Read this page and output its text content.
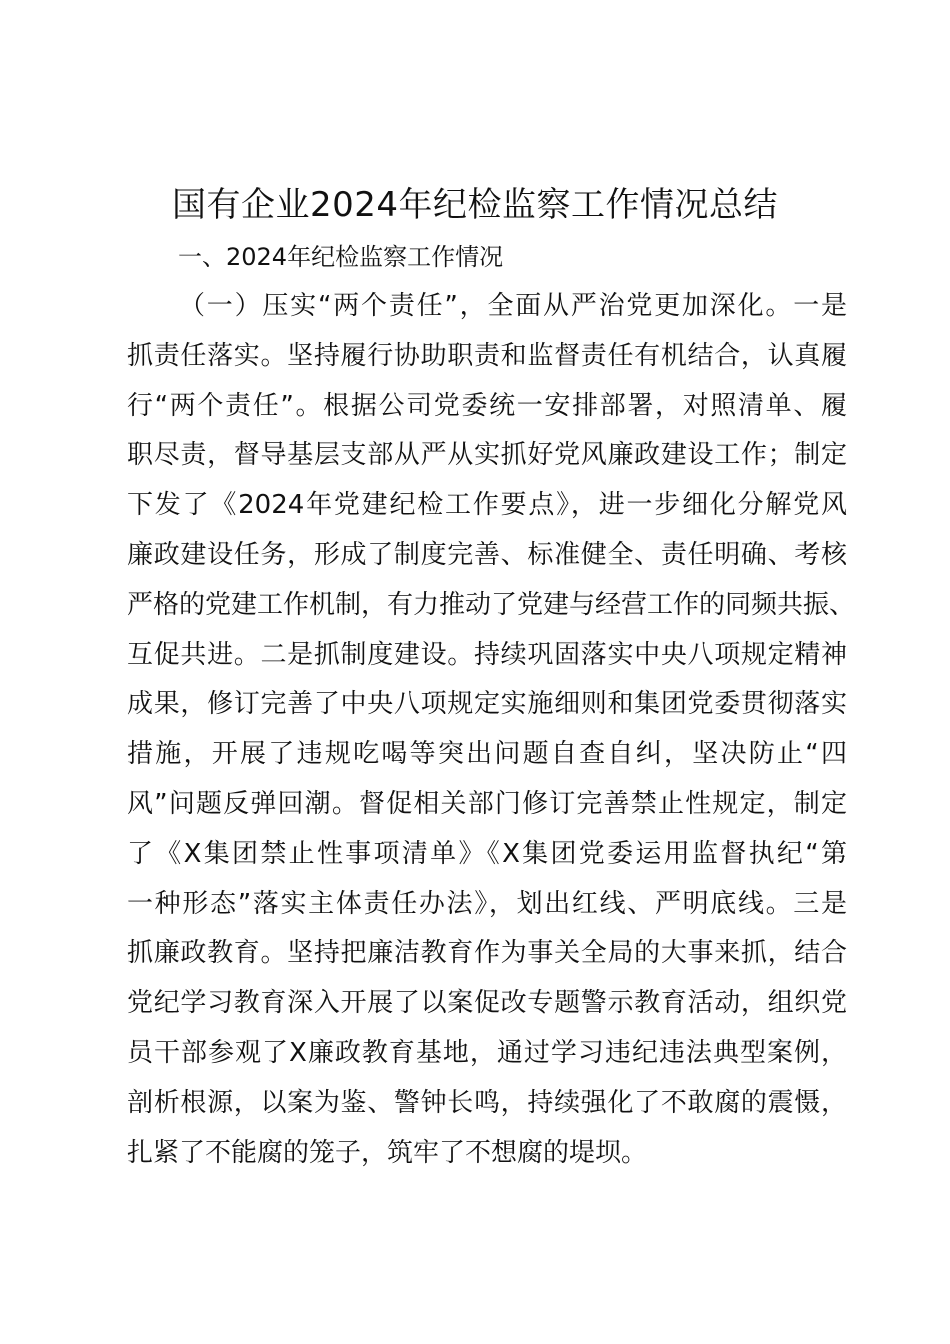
国有企业2024年纪检监察工作情况总结
一、2024年纪检监察工作情况
（一）压实“两个责任”，全面从严治党更加深化。一是
抓责任落实。坚持履行协助职责和监督责任有机结合，认真履
行“两个责任”。根据公司党委统一安排部署，对照清单、履
职尽责，督导基层支部从严从实抓好党风廉政建设工作；制定
下发了《2024年党建纪检工作要点》，进一步细化分解党风
廉政建设任务，形成了制度完善、标准健全、责任明确、考核
严格的党建工作机制，有力推动了党建与经营工作的同频共振、
互促共进。二是抓制度建设。持续巩固落实中央八项规定精神
成果，修订完善了中央八项规定实施细则和集团党委贯彻落实
措施，开展了违规吃喝等突出问题自查自纠，坚决防止“四
风”问题反弹回潮。督促相关部门修订完善禁止性规定，制定
了《X集团禁止性事项清单》《X集团党委运用监督执纪“第
一种形态”落实主体责任办法》，划出红线、严明底线。三是
抓廉政教育。坚持把廉洁教育作为事关全局的大事来抓，结合
党纪学习教育深入开展了以案促改专题警示教育活动，组织党
员干部参观了X廉政教育基地，通过学习违纪违法典型案例，
剖析根源，以案为鉴、警钟长鸣，持续强化了不敢腐的震慑，
扎紧了不能腐的笼子，筑牢了不想腐的堤坝。
